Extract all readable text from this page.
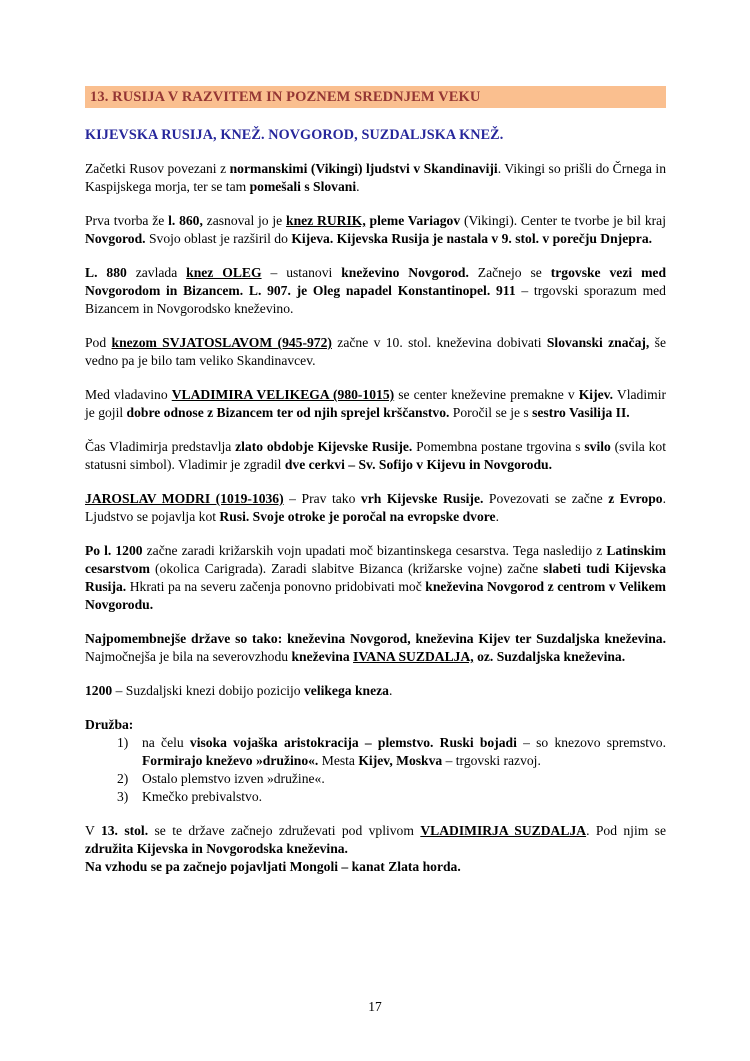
13. RUSIJA V RAZVITEM IN POZNEM SREDNJEM VEKU
KIJEVSKA RUSIJA, KNEŽ. NOVGOROD, SUZDALJSKA KNEŽ.

Začetki Rusov povezani z normanskimi (Vikingi) ljudstvi v Skandinaviji. Vikingi so prišli do Črnega in Kaspijskega morja, ter se tam pomešali s Slovani.

Prva tvorba že l. 860, zasnoval jo je knez RURIK, pleme Variagov (Vikingi). Center te tvorbe je bil kraj Novgorod. Svojo oblast je razširil do Kijeva. Kijevska Rusija je nastala v 9. stol. v porečju Dnjepra.

L. 880 zavlada knez OLEG – ustanovi kneževino Novgorod. Začnejo se trgovske vezi med Novgorodom in Bizancem. L. 907. je Oleg napadel Konstantinopel. 911 – trgovski sporazum med Bizancem in Novgorodsko kneževino.

Pod knezom SVJATOSLAVOM (945-972) začne v 10. stol. kneževina dobivati Slovanski značaj, še vedno pa je bilo tam veliko Skandinavcev.

Med vladavino VLADIMIRA VELIKEGA (980-1015) se center kneževine premakne v Kijev. Vladimir je gojil dobre odnose z Bizancem ter od njih sprejel krščanstvo. Poročil se je s sestro Vasilija II.

Čas Vladimirja predstavlja zlato obdobje Kijevske Rusije. Pomembna postane trgovina s svilo (svila kot statusni simbol). Vladimir je zgradil dve cerkvi – Sv. Sofijo v Kijevu in Novgorodu.

JAROSLAV MODRI (1019-1036) – Prav tako vrh Kijevske Rusije. Povezovati se začne z Evropo. Ljudstvo se pojavlja kot Rusi. Svoje otroke je poročal na evropske dvore.

Po l. 1200 začne zaradi križarskih vojn upadati moč bizantinskega cesarstva. Tega nasledijo z Latinskim cesarstvom (okolica Carigrada). Zaradi slabitve Bizanca (križarske vojne) začne slabeti tudi Kijevska Rusija. Hkrati pa na severu začenja ponovno pridobivati moč kneževina Novgorod z centrom v Velikem Novgorodu.

Najpomembnejše države so tako: kneževina Novgorod, kneževina Kijev ter Suzdaljska kneževina. Najmočnejša je bila na severovzhodu kneževina IVANA SUZDALJA, oz. Suzdaljska kneževina.

1200 – Suzdaljski knezi dobijo pozicijo velikega kneza.

Družba:

1)	na čelu visoka vojaška aristokracija – plemstvo. Ruski bojadi – so knezovo spremstvo. Formirajo kneževo »družino«. Mesta Kijev, Moskva – trgovski razvoj.
2)	Ostalo plemstvo izven »družine«.
3)	Kmečko prebivalstvo.

V 13. stol. se te države začnejo združevati pod vplivom VLADIMIRJA SUZDALJA. Pod njim se združita Kijevska in Novgorodska kneževina.
Na vzhodu se pa začnejo pojavljati Mongoli – kanat Zlata horda.

17
